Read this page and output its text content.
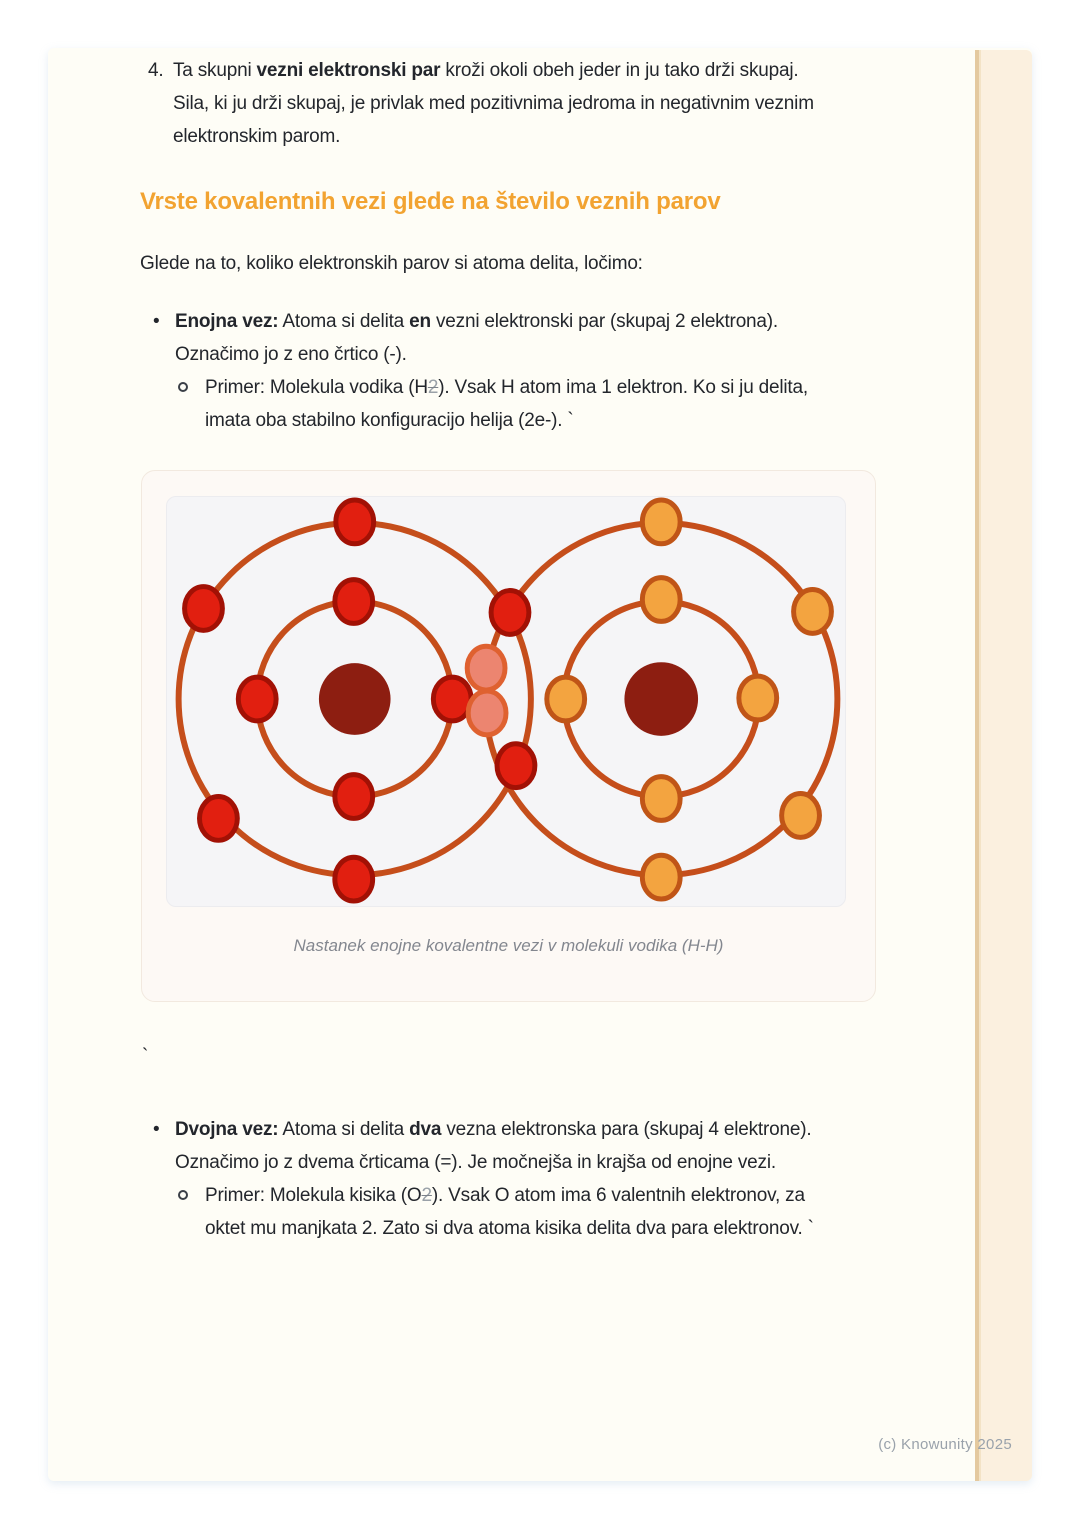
4. Ta skupni vezni elektronski par kroži okoli obeh jeder in ju tako drži skupaj. Sila, ki ju drži skupaj, je privlak med pozitivnima jedroma in negativnim veznim elektronskim parom.
Vrste kovalentnih vezi glede na število veznih parov

Glede na to, koliko elektronskih parov si atoma delita, ločimo:

• Enojna vez: Atoma si delita en vezni elektronski par (skupaj 2 elektrona). Označimo jo z eno črtico (-).
Primer: Molekula vodika (H2). Vsak H atom ima 1 elektron. Ko si ju delita, imata oba stabilno konfiguracijo helija (2e-). `
Nastanek enojne kovalentne vezi v molekuli vodika (H-H)
`
• Dvojna vez: Atoma si delita dva vezna elektronska para (skupaj 4 elektrone). Označimo jo z dvema črticama (=). Je močnejša in krajša od enojne vezi.
Primer: Molekula kisika (O2). Vsak O atom ima 6 valentnih elektronov, za oktet mu manjkata 2. Zato si dva atoma kisika delita dva para elektronov. `
(c) Knowunity 2025
